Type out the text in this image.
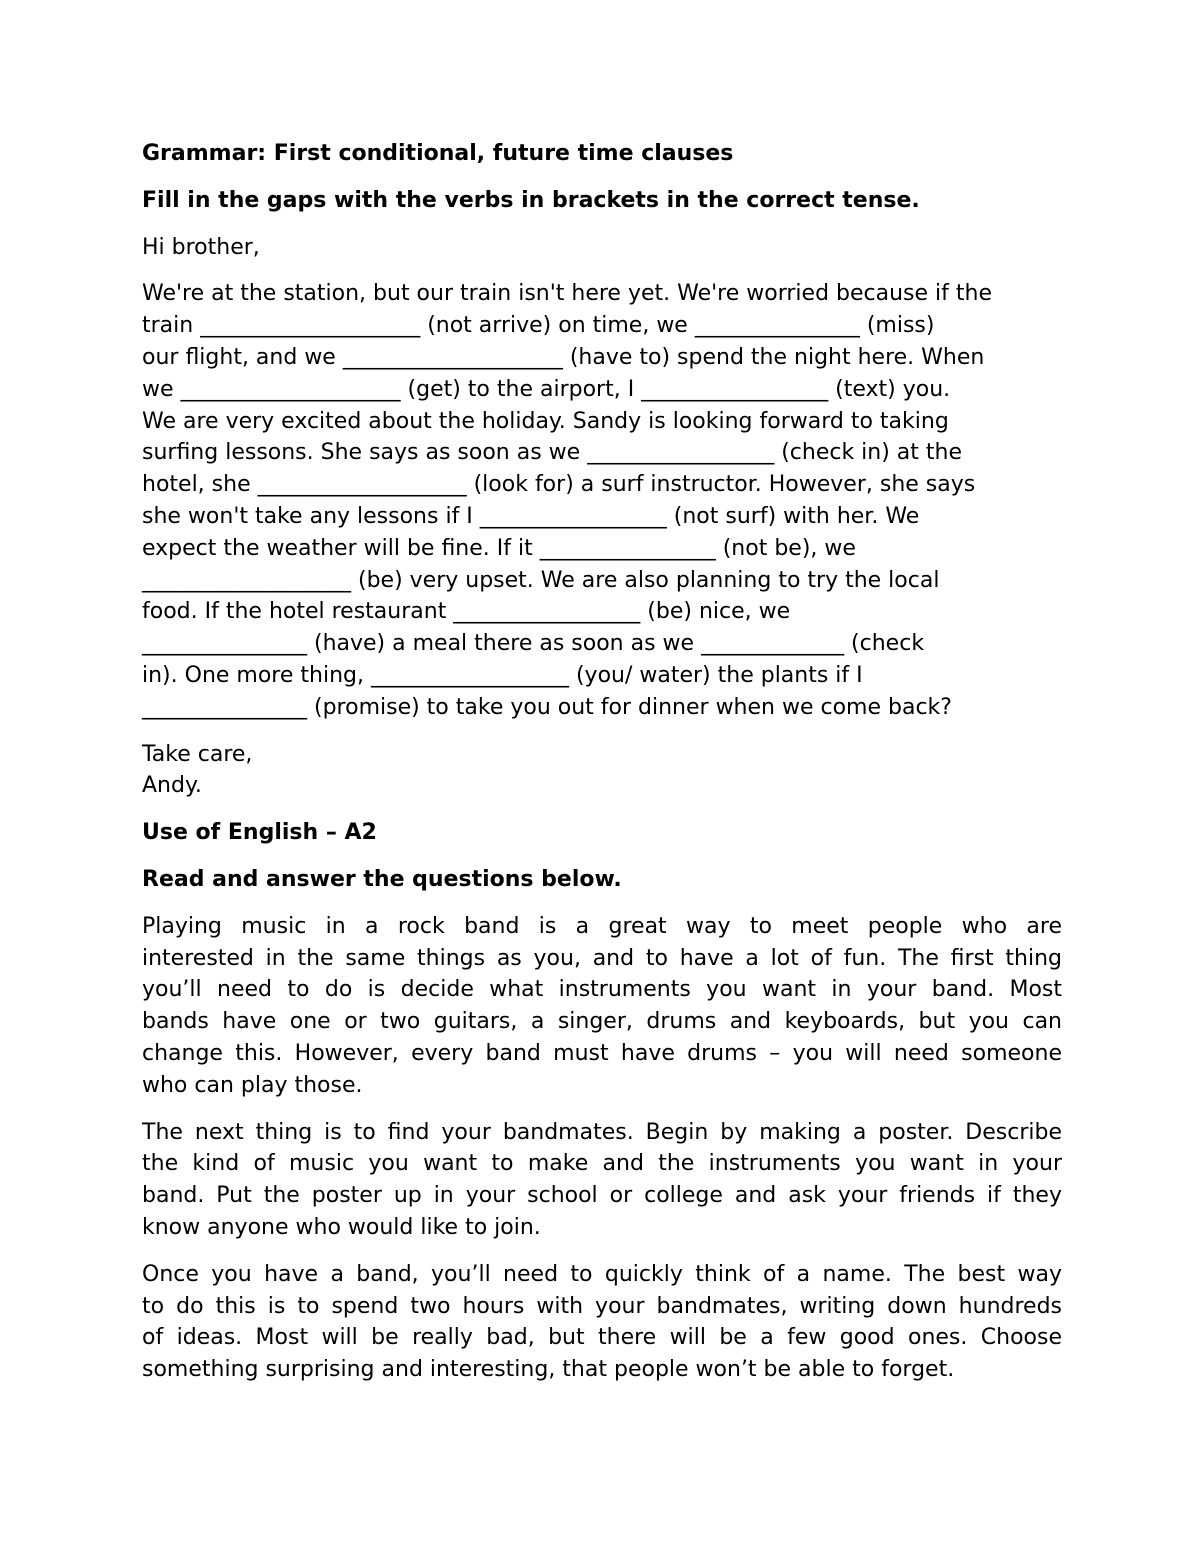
Grammar: First conditional, future time clauses

Fill in the gaps with the verbs in brackets in the correct tense.

Hi brother,

We're at the station, but our train isn't here yet. We're worried because if the

train ____________________ (not arrive) on time, we _______________ (miss)

our flight, and we ____________________ (have to) spend the night here. When

we ____________________ (get) to the airport, I _________________ (text) you.

We are very excited about the holiday. Sandy is looking forward to taking

surfing lessons. She says as soon as we _________________ (check in) at the

hotel, she ___________________ (look for) a surf instructor. However, she says

she won't take any lessons if I _________________ (not surf) with her. We

expect the weather will be fine. If it ________________ (not be), we

___________________ (be) very upset. We are also planning to try the local

food. If the hotel restaurant _________________ (be) nice, we

_______________ (have) a meal there as soon as we _____________ (check

in). One more thing, __________________ (you/ water) the plants if I

_______________ (promise) to take you out for dinner when we come back?

Take care,

Andy.

Use of English – A2

Read and answer the questions below.

Playing music in a rock band is a great way to meet people who are

interested in the same things as you, and to have a lot of fun. The first thing

you’ll need to do is decide what instruments you want in your band. Most

bands have one or two guitars, a singer, drums and keyboards, but you can

change this. However, every band must have drums – you will need someone

who can play those.

The next thing is to find your bandmates. Begin by making a poster. Describe

the kind of music you want to make and the instruments you want in your

band. Put the poster up in your school or college and ask your friends if they

know anyone who would like to join.

Once you have a band, you’ll need to quickly think of a name. The best way

to do this is to spend two hours with your bandmates, writing down hundreds

of ideas. Most will be really bad, but there will be a few good ones. Choose

something surprising and interesting, that people won’t be able to forget.
